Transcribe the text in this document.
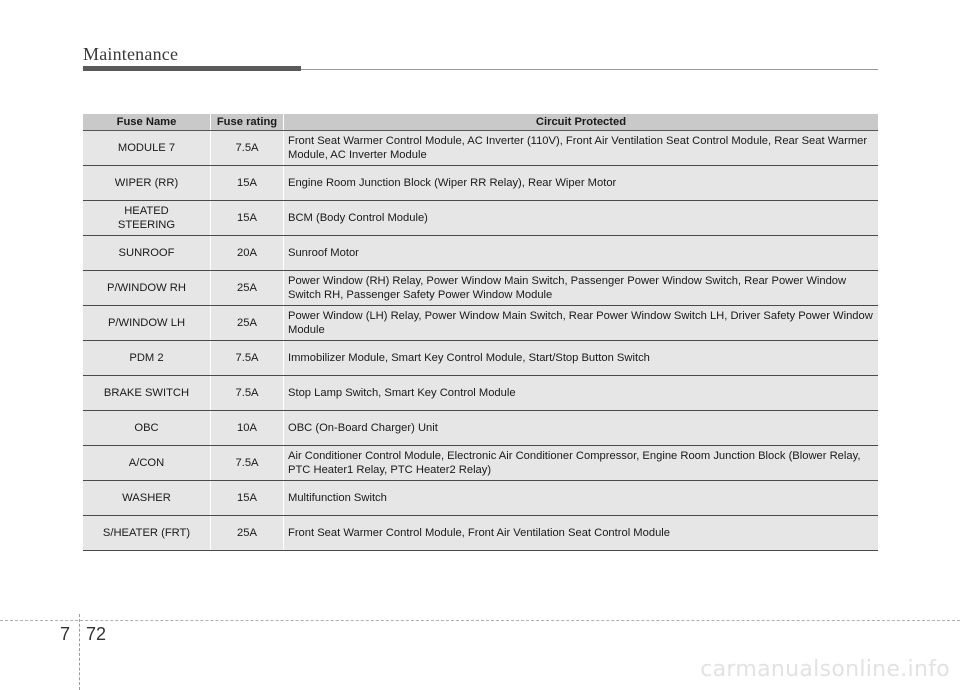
Maintenance
Fuse Name	Fuse rating	Circuit Protected
MODULE 7	7.5A	Front Seat Warmer Control Module, AC Inverter (110V), Front Air Ventilation Seat Control Module, Rear Seat Warmer Module, AC Inverter Module
WIPER (RR)	15A	Engine Room Junction Block (Wiper RR Relay), Rear Wiper Motor
HEATED STEERING	15A	BCM (Body Control Module)
SUNROOF	20A	Sunroof Motor
P/WINDOW RH	25A	Power Window (RH) Relay, Power Window Main Switch, Passenger Power Window Switch, Rear Power Window Switch RH, Passenger Safety Power Window Module
P/WINDOW LH	25A	Power Window (LH) Relay, Power Window Main Switch, Rear Power Window Switch LH, Driver Safety Power Window Module
PDM 2	7.5A	Immobilizer Module, Smart Key Control Module, Start/Stop Button Switch
BRAKE SWITCH	7.5A	Stop Lamp Switch, Smart Key Control Module
OBC	10A	OBC (On-Board Charger) Unit
A/CON	7.5A	Air Conditioner Control Module, Electronic Air Conditioner Compressor, Engine Room Junction Block (Blower Relay, PTC Heater1 Relay, PTC Heater2 Relay)
WASHER	15A	Multifunction Switch
S/HEATER (FRT)	25A	Front Seat Warmer Control Module, Front Air Ventilation Seat Control Module
7 72
carmanualsonline.info
